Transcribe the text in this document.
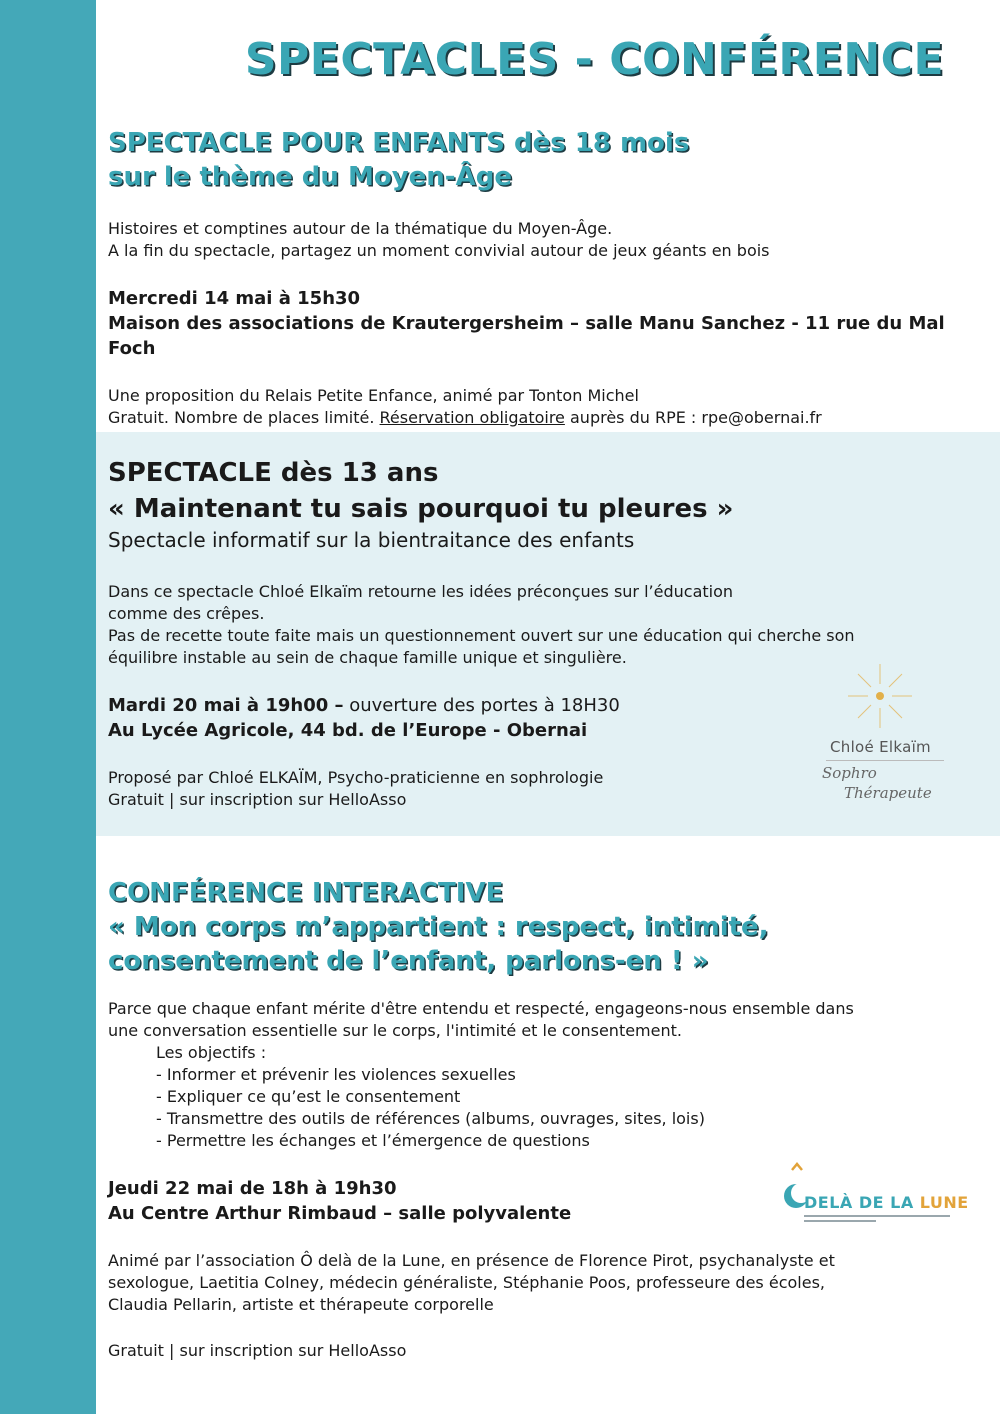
SPECTACLES - CONFÉRENCE

SPECTACLE POUR ENFANTS dès 18 mois

sur le thème du Moyen-Âge

Histoires et comptines autour de la thématique du Moyen-Âge.

A la fin du spectacle, partagez un moment convivial autour de jeux géants en bois

Mercredi 14 mai à 15h30

Maison des associations de Krautergersheim – salle Manu Sanchez - 11 rue du Mal Foch

Une proposition du Relais Petite Enfance, animé par Tonton Michel

Gratuit. Nombre de places limité. Réservation obligatoire auprès du RPE : rpe@obernai.fr

SPECTACLE dès 13 ans

« Maintenant tu sais pourquoi tu pleures »

Spectacle informatif sur la bientraitance des enfants

Dans ce spectacle Chloé Elkaïm retourne les idées préconçues sur l’éducation

comme des crêpes.

Pas de recette toute faite mais un questionnement ouvert sur une éducation qui cherche son

équilibre instable au sein de chaque famille unique et singulière.

Mardi 20 mai à 19h00 – ouverture des portes à 18H30

Au Lycée Agricole, 44 bd. de l’Europe - Obernai

Proposé par Chloé ELKAÏM, Psycho-praticienne en sophrologie

Gratuit | sur inscription sur HelloAsso

Chloé Elkaïm
Sophro
Thérapeute

CONFÉRENCE INTERACTIVE

« Mon corps m’appartient : respect, intimité,

consentement de l’enfant, parlons-en ! »

Parce que chaque enfant mérite d'être entendu et respecté, engageons-nous ensemble dans

une conversation essentielle sur le corps, l'intimité et le consentement.

Les objectifs :

- Informer et prévenir les violences sexuelles

- Expliquer ce qu’est le consentement

- Transmettre des outils de références (albums, ouvrages, sites, lois)

- Permettre les échanges et l’émergence de questions

Jeudi 22 mai de 18h à 19h30

Au Centre Arthur Rimbaud – salle polyvalente

Animé par l’association Ô delà de la Lune, en présence de Florence Pirot, psychanalyste et

sexologue, Laetitia Colney, médecin généraliste, Stéphanie Poos, professeure des écoles,

Claudia Pellarin, artiste et thérapeute corporelle

Gratuit | sur inscription sur HelloAsso

DELÀ DE LA LUNE
